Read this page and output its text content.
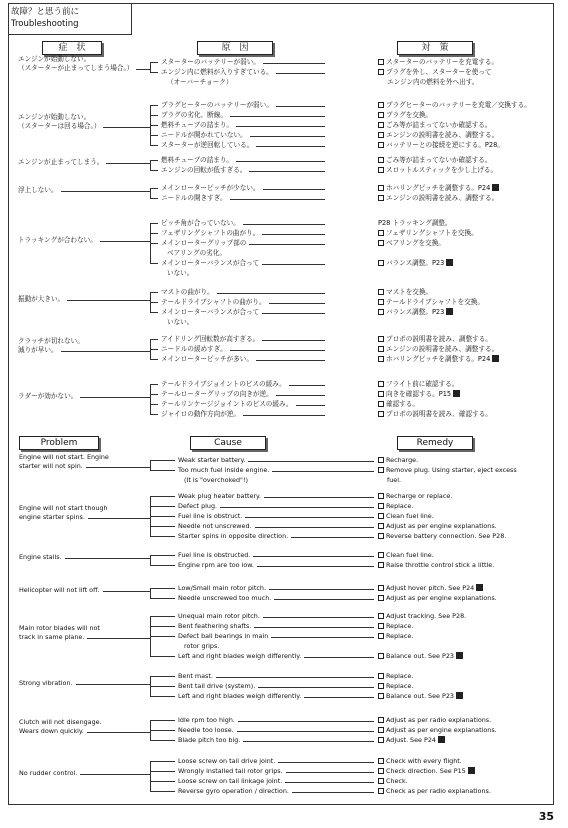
故障？と思う前に
Troubleshooting
症　状	原　因	対　策
エンジンが始動しない。
（スターターが止まってしまう場合。）
スターターのバッテリーが弱い。	スターターのバッテリーを充電する。
エンジン内に燃料が入りすぎている。	プラグを外し、スターターを使って
（オーバーチョーク）	エンジン内の燃料を外へ出す。
エンジンが始動しない。
（スターターは回る場合。）
プラグヒーターのバッテリーが弱い。	プラグヒーターのバッテリーを充電／交換する。
プラグの劣化、断線。	プラグを交換。
燃料チューブの詰まり。	ごみ等が詰まってないか確認する。
ニードルが開かれていない。	エンジンの説明書を読み、調整する。
スターターが逆回転している。	バッテリーとの接続を逆にする。P28。
エンジンが止まってしまう。	燃料チューブの詰まり。	ごみ等が詰まってないか確認する。
エンジンの回転が低すぎる。	スロットルスティックを少し上げる。
浮上しない。	メインローターピッチが少ない。	ホバリングピッチを調整する。P24
ニードルの開きすぎ。	エンジンの説明書を読み、調整する。
トラッキングが合わない。
ピッチ角が合っていない。	P28 トラッキング調整。
フェザリングシャフトの曲がり。	フェザリングシャフトを交換。
メインローターグリップ部の	ベアリングを交換。
ベアリングの劣化。
メインローターバランスが合って	バランス調整。P23
いない。
振動が大きい。
マストの曲がり。	マストを交換。
テールドライブシャフトの曲がり。	テールドライブシャフトを交換。
メインローターバランスが合って	バランス調整。P23
いない。
クラッチが切れない。
減りが早い。
アイドリング回転数が高すぎる。	プロポの説明書を読み、調整する。
ニードルの緩めすぎ。	エンジンの説明書を読み、調整する。
メインローターピッチが多い。	ホバリングピッチを調整する。P24
ラダーが効かない。
テールドライブジョイントのビスの緩み。	フライト前に確認する。
テールローターグリップの向きが逆。	向きを確認する。P15
テールリンケージジョイントのビスの緩み。	確認する。
ジャイロの動作方向が逆。	プロポの説明書を読み、確認する。
Problem	Cause	Remedy
Engine will not start. Engine
starter will not spin.
Weak starter battery.	Recharge.
Too much fuel inside engine.	Remove plug. Using starter, eject excess
(It is "overchoked"!)	fuel.
Engine will not start though
engine starter spins.
Weak plug heater battery.	Recharge or replace.
Defect plug.	Replace.
Fuel line is obstruct.	Clean fuel line.
Needle not unscrewed.	Adjust as per engine explanations.
Starter spins in opposite direction.	Reverse battery connection. See P28.
Engine stalls.	Fuel line is obstructed.	Clean fuel line.
Engine rpm are too low.	Raise throttle control stick a little.
Helicopter will not lift off.	Low/Small main rotor pitch.	Adjust hover pitch. See P24
Needle unscrewed too much.	Adjust as per engine explanations.
Main rotor blades will not
track in same plane.
Unequal main rotor pitch.	Adjust tracking. See P28.
Bent feathering shafts.	Replace.
Defect ball bearings in main	Replace.
rotor grips.
Left and right blades weigh differently.	Balance out. See P23
Strong vibration.
Bent mast.	Replace.
Bent tail drive (system).	Replace.
Left and right blades weigh differently.	Balance out. See P23
Clutch will not disengage.
Wears down quickly.
Idle rpm too high.	Adjust as per radio explanations.
Needle too loose.	Adjust as per engine explanations.
Blade pitch too big.	Adjust. See P24
No rudder control.
Loose screw on tail drive joint.	Check with every flight.
Wrongly installed tail rotor grips.	Check direction. See P15
Loose screw on tail linkage joint.	Check.
Reverse gyro operation / direction.	Check as per radio explanations.
35
